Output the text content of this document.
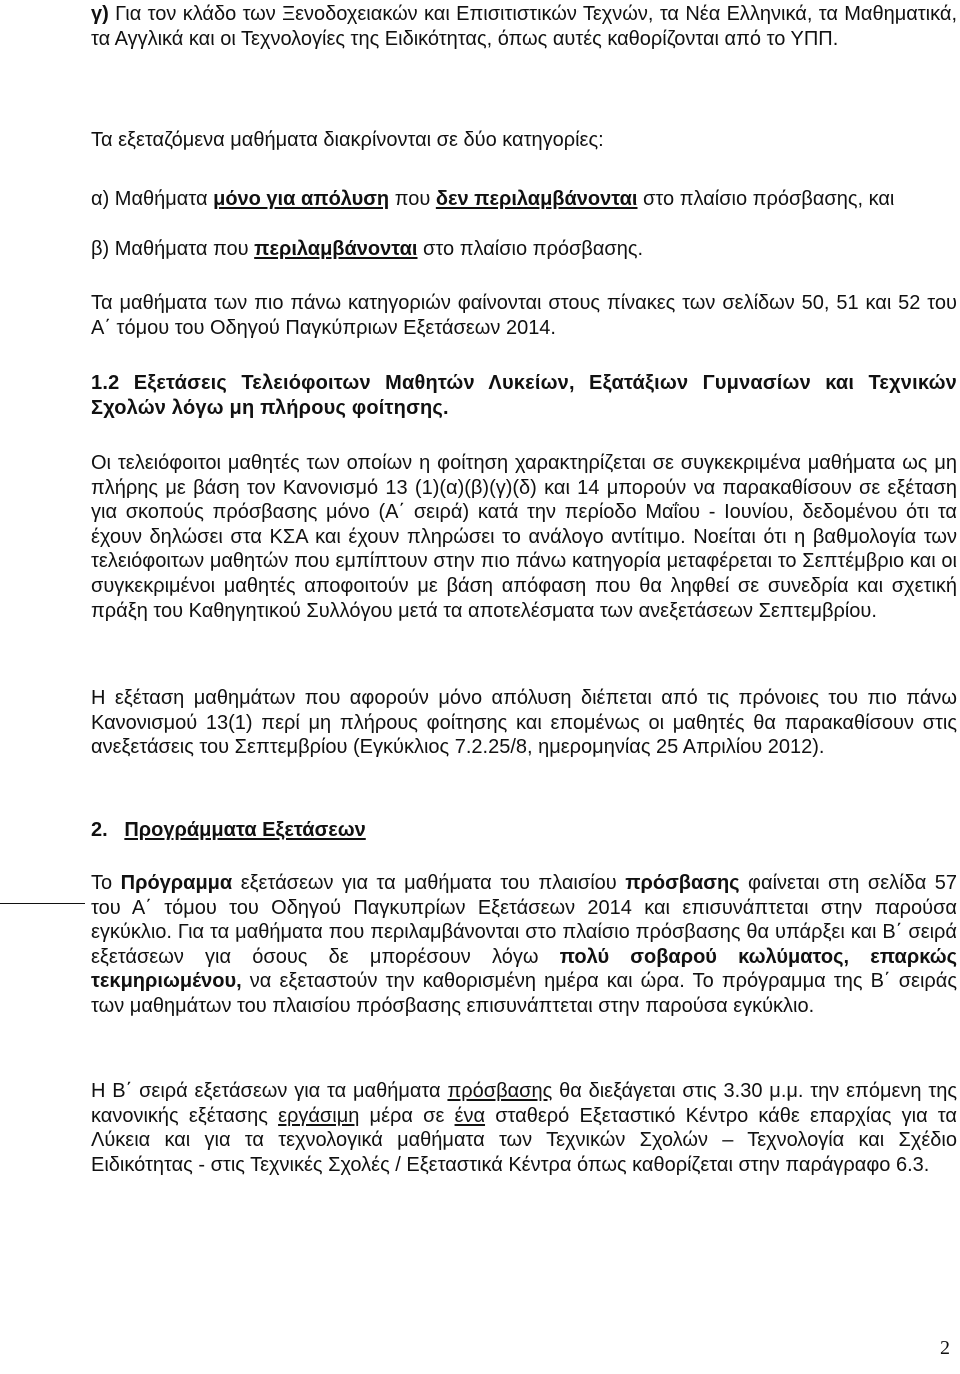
γ) Για τον κλάδο των Ξενοδοχειακών και Επισιτιστικών Τεχνών, τα Νέα Ελληνικά, τα Μαθηματικά, τα Αγγλικά και οι Τεχνολογίες της Ειδικότητας, όπως αυτές καθορίζονται από το ΥΠΠ.

Τα εξεταζόμενα μαθήματα διακρίνονται σε δύο κατηγορίες:

α) Μαθήματα μόνο για απόλυση που δεν περιλαμβάνονται στο πλαίσιο πρόσβασης, και

β) Μαθήματα που περιλαμβάνονται στο πλαίσιο πρόσβασης.

Τα μαθήματα των πιο πάνω κατηγοριών φαίνονται στους πίνακες των σελίδων 50, 51 και 52 του Α΄ τόμου του Οδηγού Παγκύπριων Εξετάσεων 2014.

1.2 Εξετάσεις Τελειόφοιτων Μαθητών Λυκείων, Εξατάξιων Γυμνασίων και Τεχνικών Σχολών λόγω μη πλήρους φοίτησης.

Οι τελειόφοιτοι μαθητές των οποίων η φοίτηση χαρακτηρίζεται σε συγκεκριμένα μαθήματα ως μη πλήρης με βάση τον Κανονισμό 13 (1)(α)(β)(γ)(δ) και 14 μπορούν να παρακαθίσουν σε εξέταση για σκοπούς πρόσβασης μόνο (Α΄ σειρά) κατά την περίοδο Μαΐου - Ιουνίου, δεδομένου ότι τα έχουν δηλώσει στα ΚΣΑ και έχουν πληρώσει το ανάλογο αντίτιμο. Νοείται ότι η βαθμολογία των τελειόφοιτων μαθητών που εμπίπτουν στην πιο πάνω κατηγορία μεταφέρεται το Σεπτέμβριο και οι συγκεκριμένοι μαθητές αποφοιτούν με βάση απόφαση που θα ληφθεί σε συνεδρία και σχετική πράξη του Καθηγητικού Συλλόγου μετά τα αποτελέσματα των ανεξετάσεων Σεπτεμβρίου.

Η εξέταση μαθημάτων που αφορούν μόνο απόλυση διέπεται από τις πρόνοιες του πιο πάνω Κανονισμού 13(1) περί μη πλήρους φοίτησης και επομένως οι μαθητές θα παρακαθίσουν στις ανεξετάσεις του Σεπτεμβρίου (Εγκύκλιος 7.2.25/8, ημερομηνίας 25 Απριλίου 2012).

2. Προγράμματα Εξετάσεων

Το Πρόγραμμα εξετάσεων για τα μαθήματα του πλαισίου πρόσβασης φαίνεται στη σελίδα 57 του Α΄ τόμου του Οδηγού Παγκυπρίων Εξετάσεων 2014 και επισυνάπτεται στην παρούσα εγκύκλιο. Για τα μαθήματα που περιλαμβάνονται στο πλαίσιο πρόσβασης θα υπάρξει και Β΄ σειρά εξετάσεων για όσους δε μπορέσουν λόγω πολύ σοβαρού κωλύματος, επαρκώς τεκμηριωμένου, να εξεταστούν την καθορισμένη ημέρα και ώρα. Το πρόγραμμα της Β΄ σειράς των μαθημάτων του πλαισίου πρόσβασης επισυνάπτεται στην παρούσα εγκύκλιο.

Η Β΄ σειρά εξετάσεων για τα μαθήματα πρόσβασης θα διεξάγεται στις 3.30 μ.μ. την επόμενη της κανονικής εξέτασης εργάσιμη μέρα σε ένα σταθερό Εξεταστικό Κέντρο κάθε επαρχίας για τα Λύκεια και για τα τεχνολογικά μαθήματα των Τεχνικών Σχολών – Τεχνολογία και Σχέδιο Ειδικότητας - στις Τεχνικές Σχολές / Εξεταστικά Κέντρα όπως καθορίζεται στην παράγραφο 6.3.

2
